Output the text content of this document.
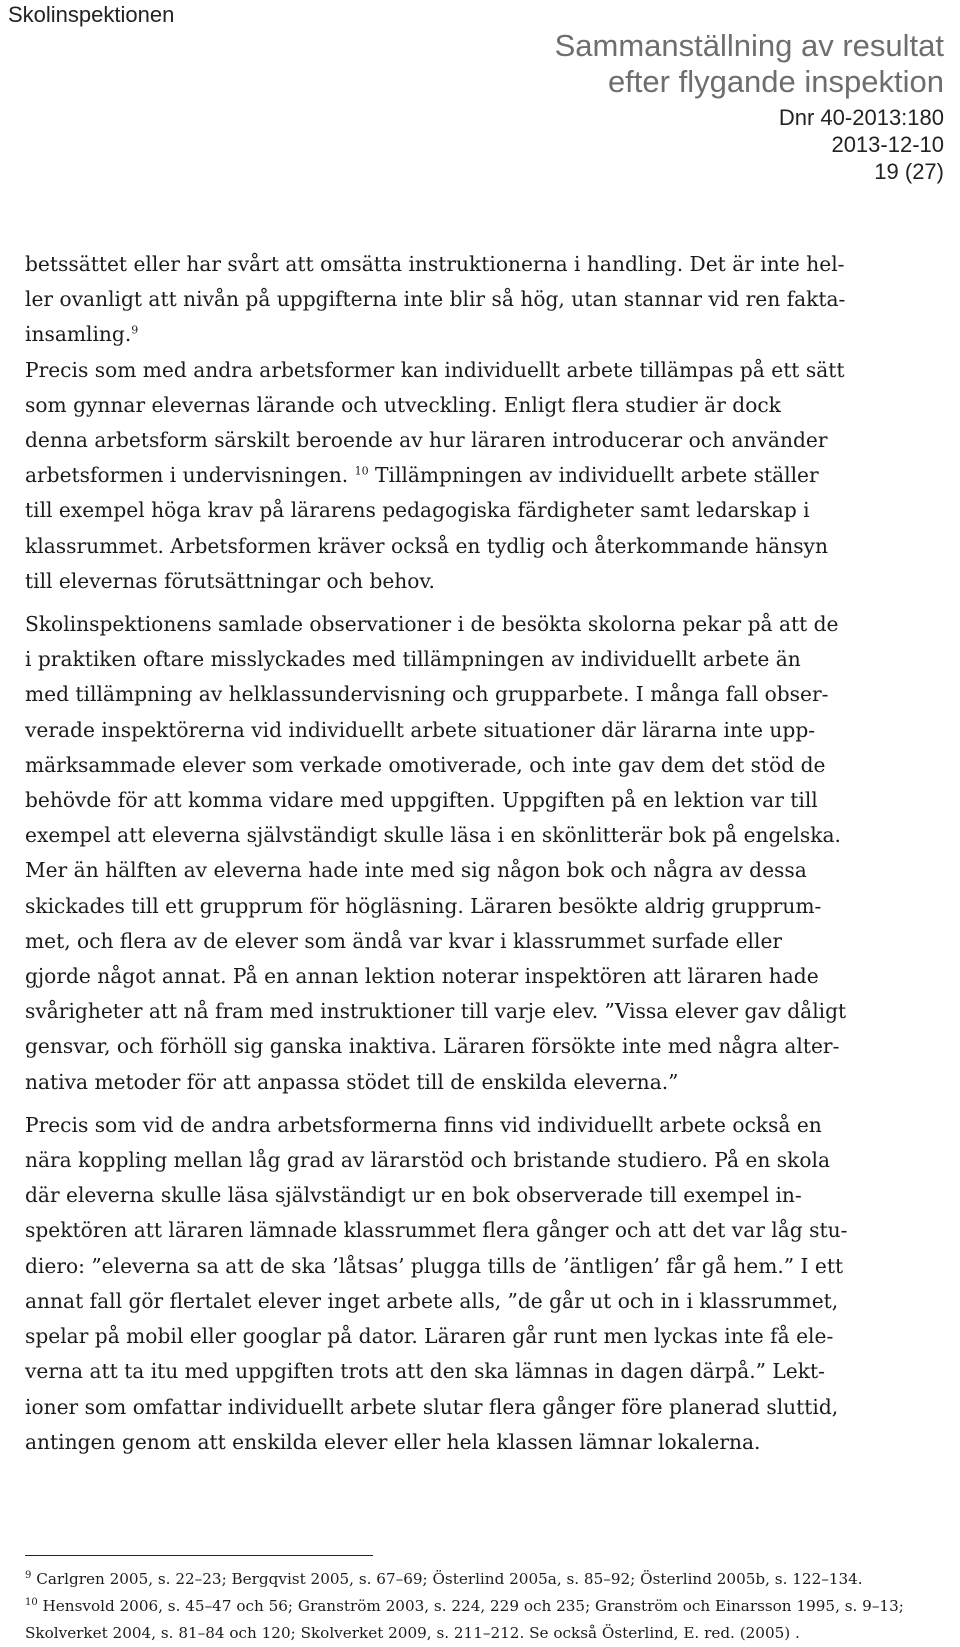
Skolinspektionen
Sammanställning av resultat
efter flygande inspektion
Dnr 40-2013:180
2013-12-10
19 (27)

betssättet eller har svårt att omsätta instruktionerna i handling. Det är inte hel-
ler ovanligt att nivån på uppgifterna inte blir så hög, utan stannar vid ren fakta-
insamling.$^9$

Precis som med andra arbetsformer kan individuellt arbete tillämpas på ett sätt
som gynnar elevernas lärande och utveckling. Enligt flera studier är dock
denna arbetsform särskilt beroende av hur läraren introducerar och använder
arbetsformen i undervisningen. $^{10}$ Tillämpningen av individuellt arbete ställer
till exempel höga krav på lärarens pedagogiska färdigheter samt ledarskap i
klassrummet. Arbetsformen kräver också en tydlig och återkommande hänsyn
till elevernas förutsättningar och behov.

Skolinspektionens samlade observationer i de besökta skolorna pekar på att de
i praktiken oftare misslyckades med tillämpningen av individuellt arbete än
med tillämpning av helklassundervisning och grupparbete. I många fall obser-
verade inspektörerna vid individuellt arbete situationer där lärarna inte upp-
märksammade elever som verkade omotiverade, och inte gav dem det stöd de
behövde för att komma vidare med uppgiften. Uppgiften på en lektion var till
exempel att eleverna självständigt skulle läsa i en skönlitterär bok på engelska.
Mer än hälften av eleverna hade inte med sig någon bok och några av dessa
skickades till ett grupprum för högläsning. Läraren besökte aldrig grupprum-
met, och flera av de elever som ändå var kvar i klassrummet surfade eller
gjorde något annat. På en annan lektion noterar inspektören att läraren hade
svårigheter att nå fram med instruktioner till varje elev. ”Vissa elever gav dåligt
gensvar, och förhöll sig ganska inaktiva. Läraren försökte inte med några alter-
nativa metoder för att anpassa stödet till de enskilda eleverna.”

Precis som vid de andra arbetsformerna finns vid individuellt arbete också en
nära koppling mellan låg grad av lärarstöd och bristande studiero. På en skola
där eleverna skulle läsa självständigt ur en bok observerade till exempel in-
spektören att läraren lämnade klassrummet flera gånger och att det var låg stu-
diero: ”eleverna sa att de ska ’låtsas’ plugga tills de ’äntligen’ får gå hem.” I ett
annat fall gör flertalet elever inget arbete alls, ”de går ut och in i klassrummet,
spelar på mobil eller googlar på dator. Läraren går runt men lyckas inte få ele-
verna att ta itu med uppgiften trots att den ska lämnas in dagen därpå.” Lekt-
ioner som omfattar individuellt arbete slutar flera gånger före planerad sluttid,
antingen genom att enskilda elever eller hela klassen lämnar lokalerna.

$^9$ Carlgren 2005, s. 22–23; Bergqvist 2005, s. 67–69; Österlind 2005a, s. 85–92; Österlind 2005b, s. 122–134.
$^{10}$ Hensvold 2006, s. 45–47 och 56; Granström 2003, s. 224, 229 och 235; Granström och Einarsson 1995, s. 9–13;
Skolverket 2004, s. 81–84 och 120; Skolverket 2009, s. 211–212. Se också Österlind, E. red. (2005) .
